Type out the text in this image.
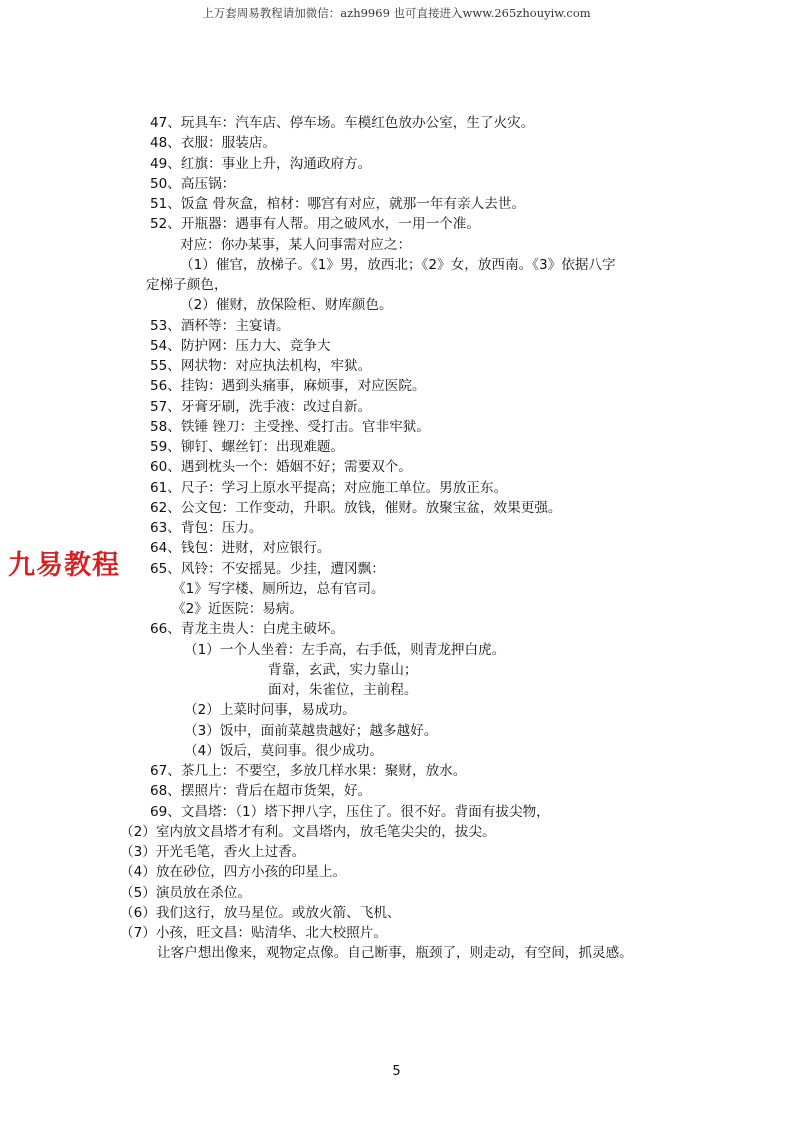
上万套周易教程请加微信：azh9969 也可直接进入www.265zhouyiw.com
47、玩具车：汽车店、停车场。车模红色放办公室，生了火灾。
48、衣服：服装店。
49、红旗：事业上升，沟通政府方。
50、高压锅：
51、饭盒 骨灰盒，棺材：哪宫有对应，就那一年有亲人去世。
52、开瓶器：遇事有人帮。用之破风水，一用一个准。
对应：你办某事，某人问事需对应之：
（1）催官，放梯子。《1》男，放西北；《2》女，放西南。《3》依据八字
定梯子颜色，
（2）催财，放保险柜、财库颜色。
53、酒杯等：主宴请。
54、防护网：压力大、竞争大
55、网状物：对应执法机构，牢狱。
56、挂钩：遇到头痛事，麻烦事，对应医院。
57、牙膏牙刷，洗手液：改过自新。
58、铁锤 锉刀：主受挫、受打击。官非牢狱。
59、铆钉、螺丝钉：出现难题。
60、遇到枕头一个：婚姻不好；需要双个。
61、尺子：学习上原水平提高；对应施工单位。男放正东。
62、公文包：工作变动，升职。放钱，催财。放聚宝盆，效果更强。
63、背包：压力。
64、钱包：进财，对应银行。
65、风铃：不安摇晃。少挂，遭冈飘：
《1》写字楼、厕所边，总有官司。
《2》近医院：易病。
66、青龙主贵人：白虎主破坏。
（1）一个人坐着：左手高，右手低，则青龙押白虎。
背靠，玄武，实力靠山；
面对，朱雀位，主前程。
（2）上菜时问事，易成功。
（3）饭中，面前菜越贵越好；越多越好。
（4）饭后，莫问事。很少成功。
67、茶几上：不要空，多放几样水果：聚财，放水。
68、摆照片：背后在超市货架，好。
69、文昌塔：（1）塔下押八字，压住了。很不好。背面有拔尖物，
（2）室内放文昌塔才有利。文昌塔内，放毛笔尖尖的，拔尖。
（3）开光毛笔，香火上过香。
（4）放在砂位，四方小孩的印星上。
（5）演员放在杀位。
（6）我们这行，放马星位。或放火箭、飞机、
（7）小孩，旺文昌：贴清华、北大校照片。
让客户想出像来，观物定点像。自己断事，瓶颈了，则走动，有空间，抓灵感。
九易教程
5
